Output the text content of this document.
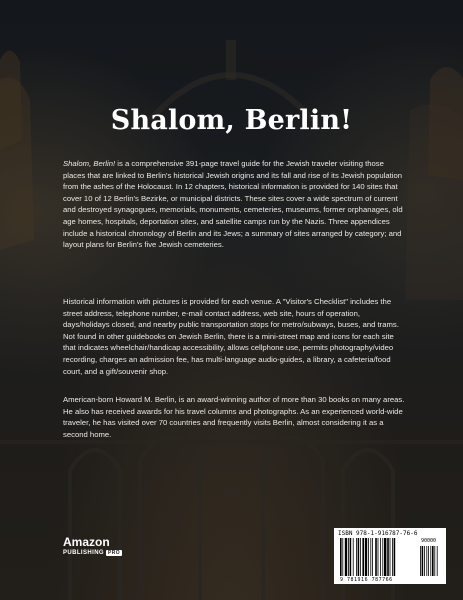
Shalom, Berlin!
Shalom, Berlin! is a comprehensive 391-page travel guide for the Jewish traveler visiting those places that are linked to Berlin's historical Jewish origins and its fall and rise of its Jewish population from the ashes of the Holocaust. In 12 chapters, historical information is provided for 140 sites that cover 10 of 12 Berlin's Bezirke, or municipal districts. These sites cover a wide spectrum of current and destroyed synagogues, memorials, monuments, cemeteries, museums, former orphanages, old age homes, hospitals, deportation sites, and satellite camps run by the Nazis. Three appendices include a historical chronology of Berlin and its Jews; a summary of sites arranged by category; and layout plans for Berlin's five Jewish cemeteries.
Historical information with pictures is provided for each venue. A "Visitor's Checklist" includes the street address, telephone number, e-mail contact address, web site, hours of operation, days/holidays closed, and nearby public transportation stops for metro/subways, buses, and trams. Not found in other guidebooks on Jewish Berlin, there is a mini-street map and icons for each site that indicates wheelchair/handicap accessibility, allows cellphone use, permits photography/video recording, charges an admission fee, has multi-language audio-guides, a library, a cafeteria/food court, and a gift/souvenir shop.
American-born Howard M. Berlin, is an award-winning author of more than 30 books on many areas. He also has received awards for his travel columns and photographs. As an experienced world-wide traveler, he has visited over 70 countries and frequently visits Berlin, almost considering it as a second home.
Amazon
PUBLISHING PRO
ISBN 978-1-916787-76-6
90000
9 781916 787766
